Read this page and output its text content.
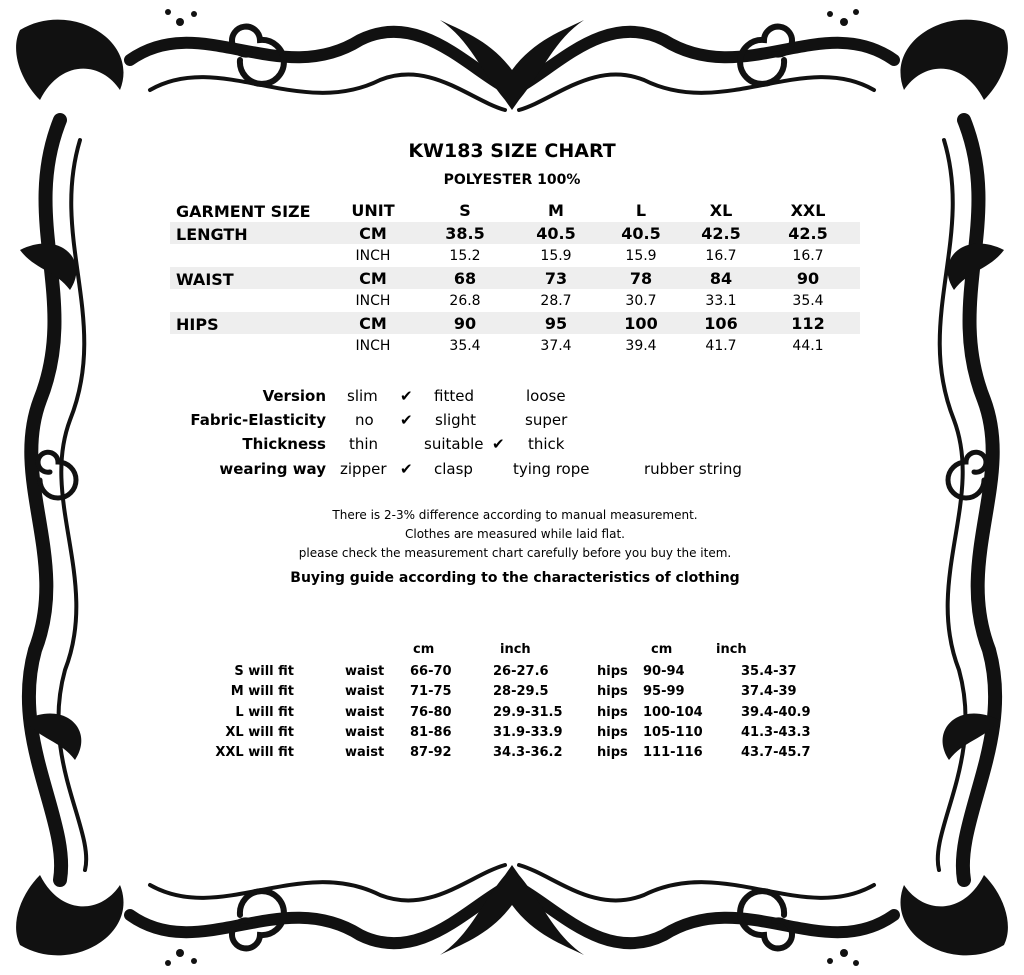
KW183 SIZE CHART
POLYESTER 100%
GARMENT SIZE	UNIT	S	M	L	XL	XXL
LENGTH	CM	38.5	40.5	40.5	42.5	42.5
INCH	15.2	15.9	15.9	16.7	16.7
WAIST	CM	68	73	78	84	90
INCH	26.8	28.7	30.7	33.1	35.4
HIPS	CM	90	95	100	106	112
INCH	35.4	37.4	39.4	41.7	44.1
Version slim ✔ fitted	loose
Fabric-Elasticity no ✔ slight	super
Thickness thin	suitable ✔ thick
wearing way zipper ✔ clasp	tying rope	rubber string
There is 2-3% difference according to manual measurement.
Clothes are measured while laid flat.
please check the measurement chart carefully before you buy the item.
Buying guide according to the characteristics of clothing
cm	inch	cm	inch
S will fit	waist 66-70	26-27.6	hips 90-94	35.4-37
M will fit	waist 71-75	28-29.5	hips 95-99	37.4-39
L will fit	waist 76-80	29.9-31.5	hips 100-104	39.4-40.9
XL will fit	waist 81-86	31.9-33.9	hips 105-110	41.3-43.3
XXL will fit	waist 87-92	34.3-36.2	hips 111-116	43.7-45.7
